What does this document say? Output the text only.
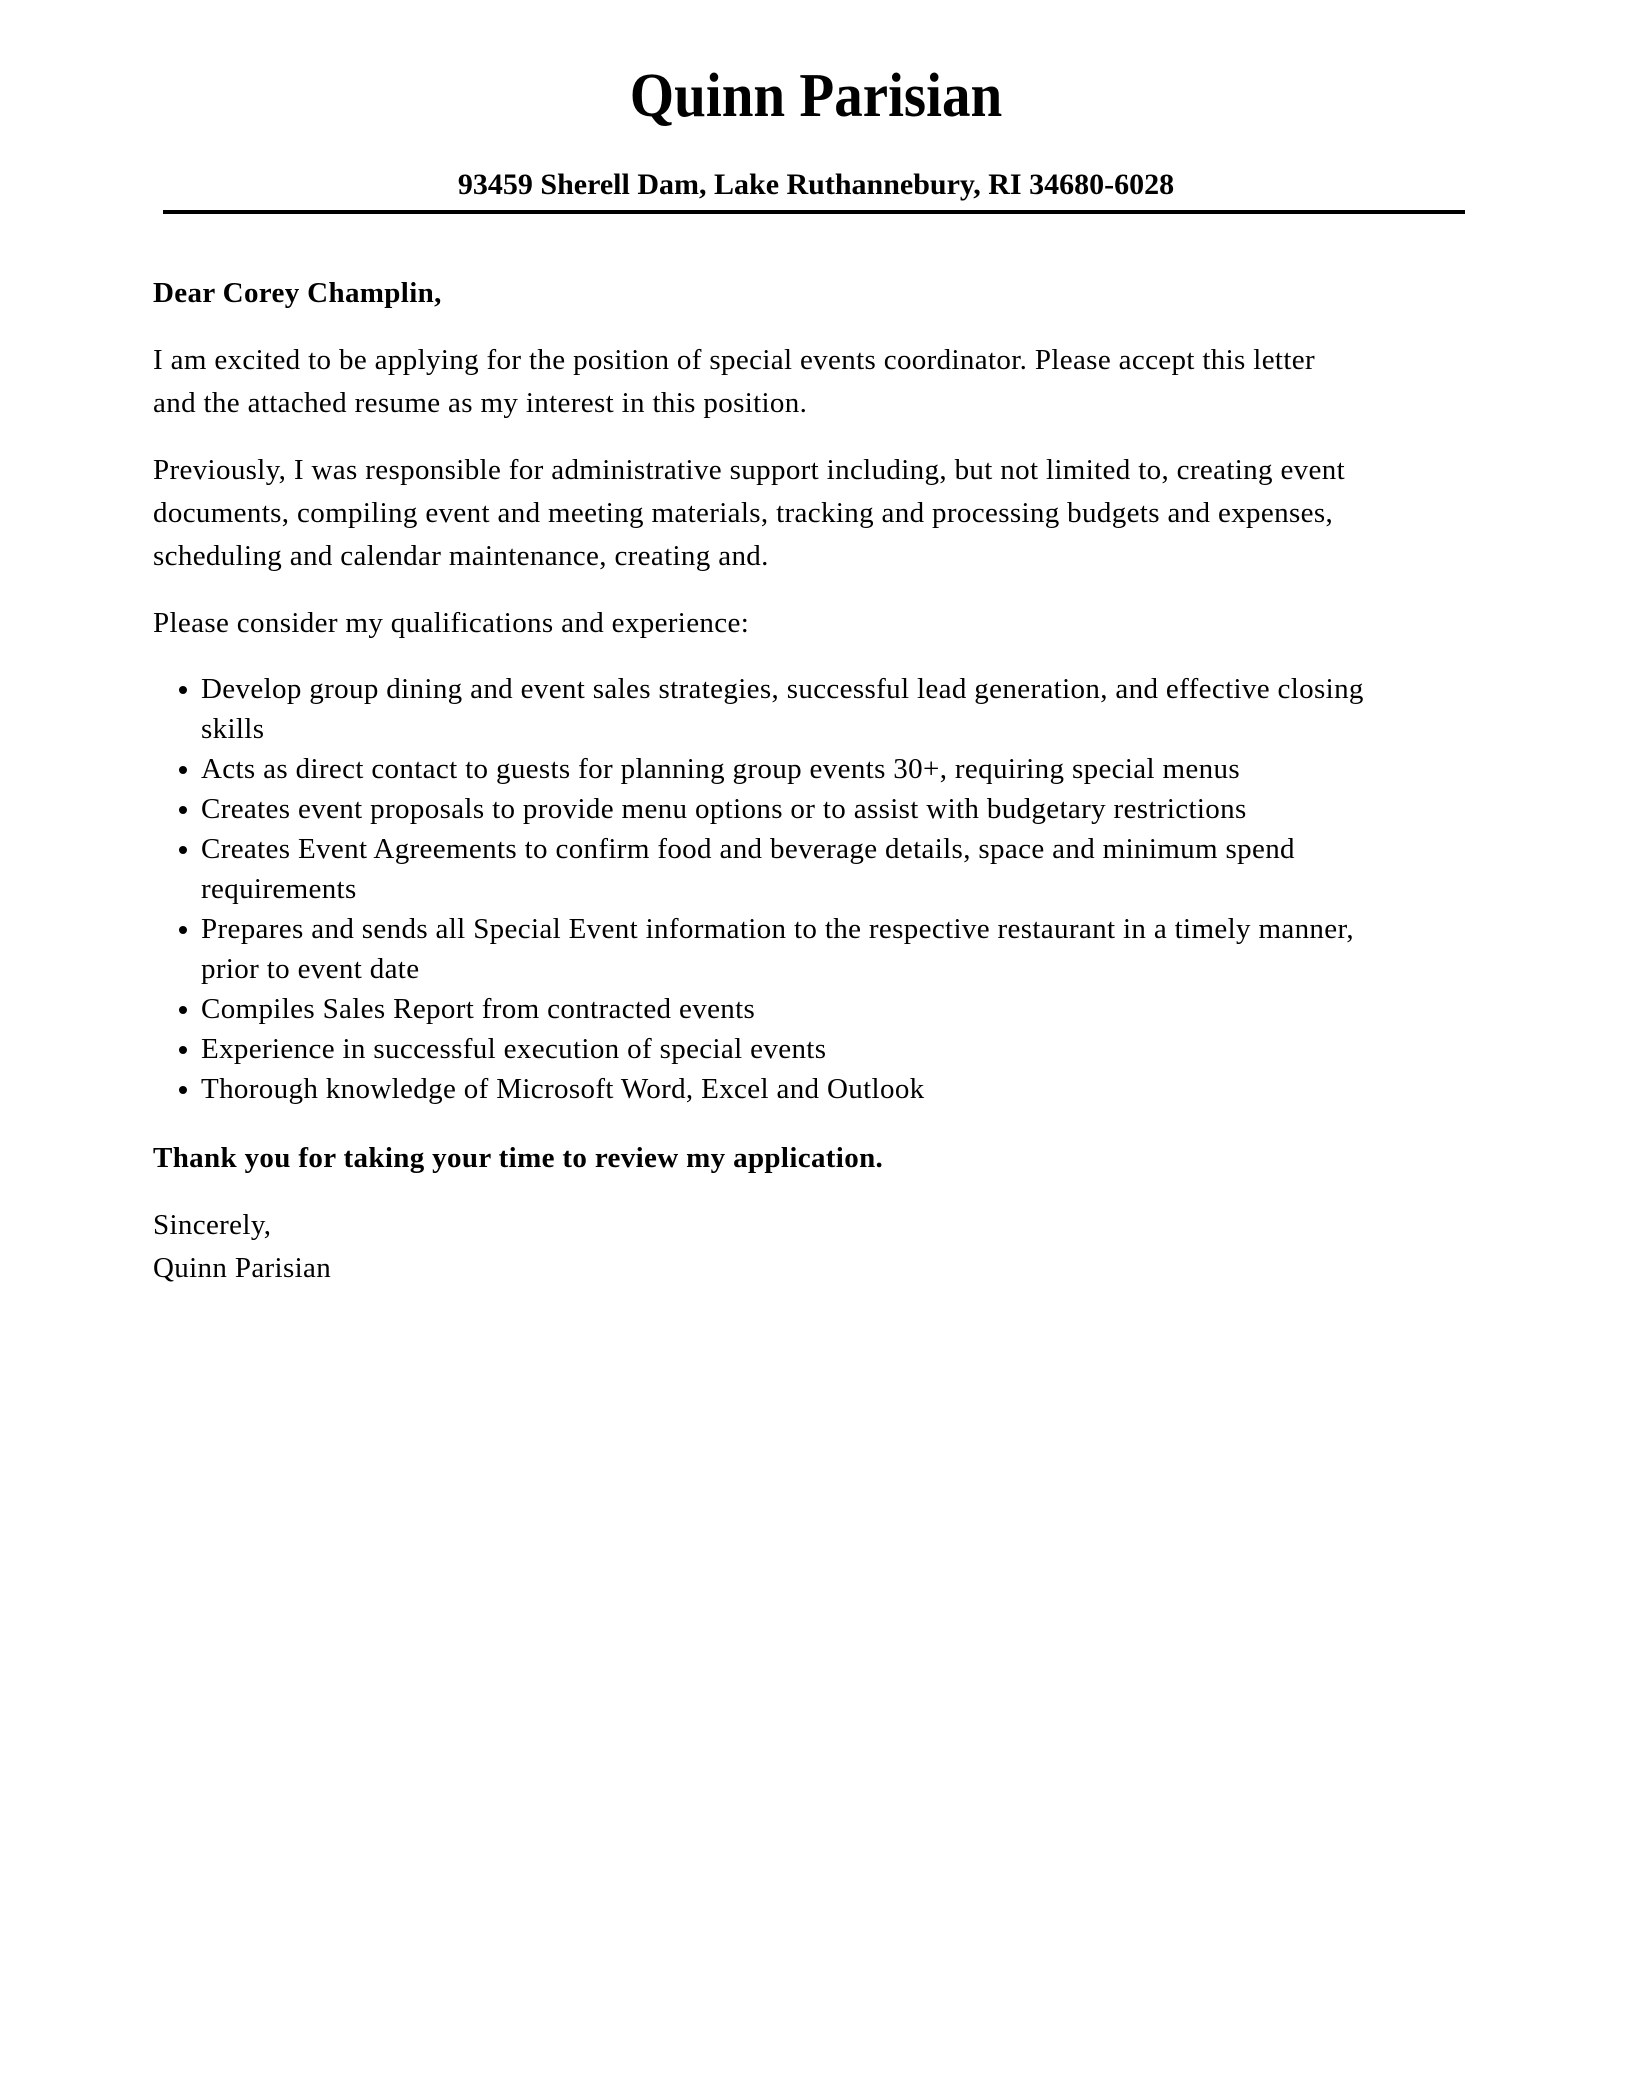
Quinn Parisian
93459 Sherell Dam, Lake Ruthannebury, RI 34680-6028
Dear Corey Champlin,

I am excited to be applying for the position of special events coordinator. Please accept this letter
and the attached resume as my interest in this position.

Previously, I was responsible for administrative support including, but not limited to, creating event
documents, compiling event and meeting materials, tracking and processing budgets and expenses,
scheduling and calendar maintenance, creating and.

Please consider my qualifications and experience:

Develop group dining and event sales strategies, successful lead generation, and effective closing
skills
Acts as direct contact to guests for planning group events 30+, requiring special menus
Creates event proposals to provide menu options or to assist with budgetary restrictions
Creates Event Agreements to confirm food and beverage details, space and minimum spend
requirements
Prepares and sends all Special Event information to the respective restaurant in a timely manner,
prior to event date
Compiles Sales Report from contracted events
Experience in successful execution of special events
Thorough knowledge of Microsoft Word, Excel and Outlook
Thank you for taking your time to review my application.
Sincerely,
Quinn Parisian
